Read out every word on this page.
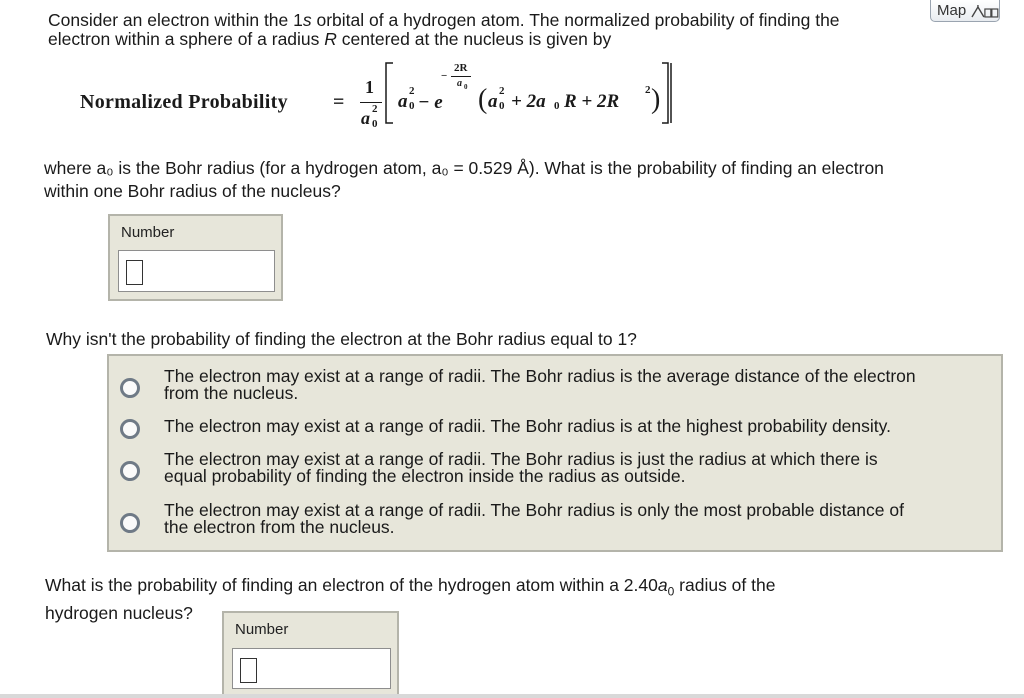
Map
Consider an electron within the 1s orbital of a hydrogen atom. The normalized probability of finding the
electron within a sphere of a radius R centered at the nucleus is given by
Normalized Probability =
1
a 2
0
a 2
0 − e
−
2R
a 0 ( a 2
0 + 2a 0 R + 2R
2 )
where a₀ is the Bohr radius (for a hydrogen atom, a₀ = 0.529 Å). What is the probability of finding an electron
within one Bohr radius of the nucleus?
Number
Why isn't the probability of finding the electron at the Bohr radius equal to 1?
The electron may exist at a range of radii. The Bohr radius is the average distance of the electron
from the nucleus.
The electron may exist at a range of radii. The Bohr radius is at the highest probability density.
The electron may exist at a range of radii. The Bohr radius is just the radius at which there is
equal probability of finding the electron inside the radius as outside.
The electron may exist at a range of radii. The Bohr radius is only the most probable distance of
the electron from the nucleus.
What is the probability of finding an electron of the hydrogen atom within a $2.40a_0$ radius of the
hydrogen nucleus?
Number
